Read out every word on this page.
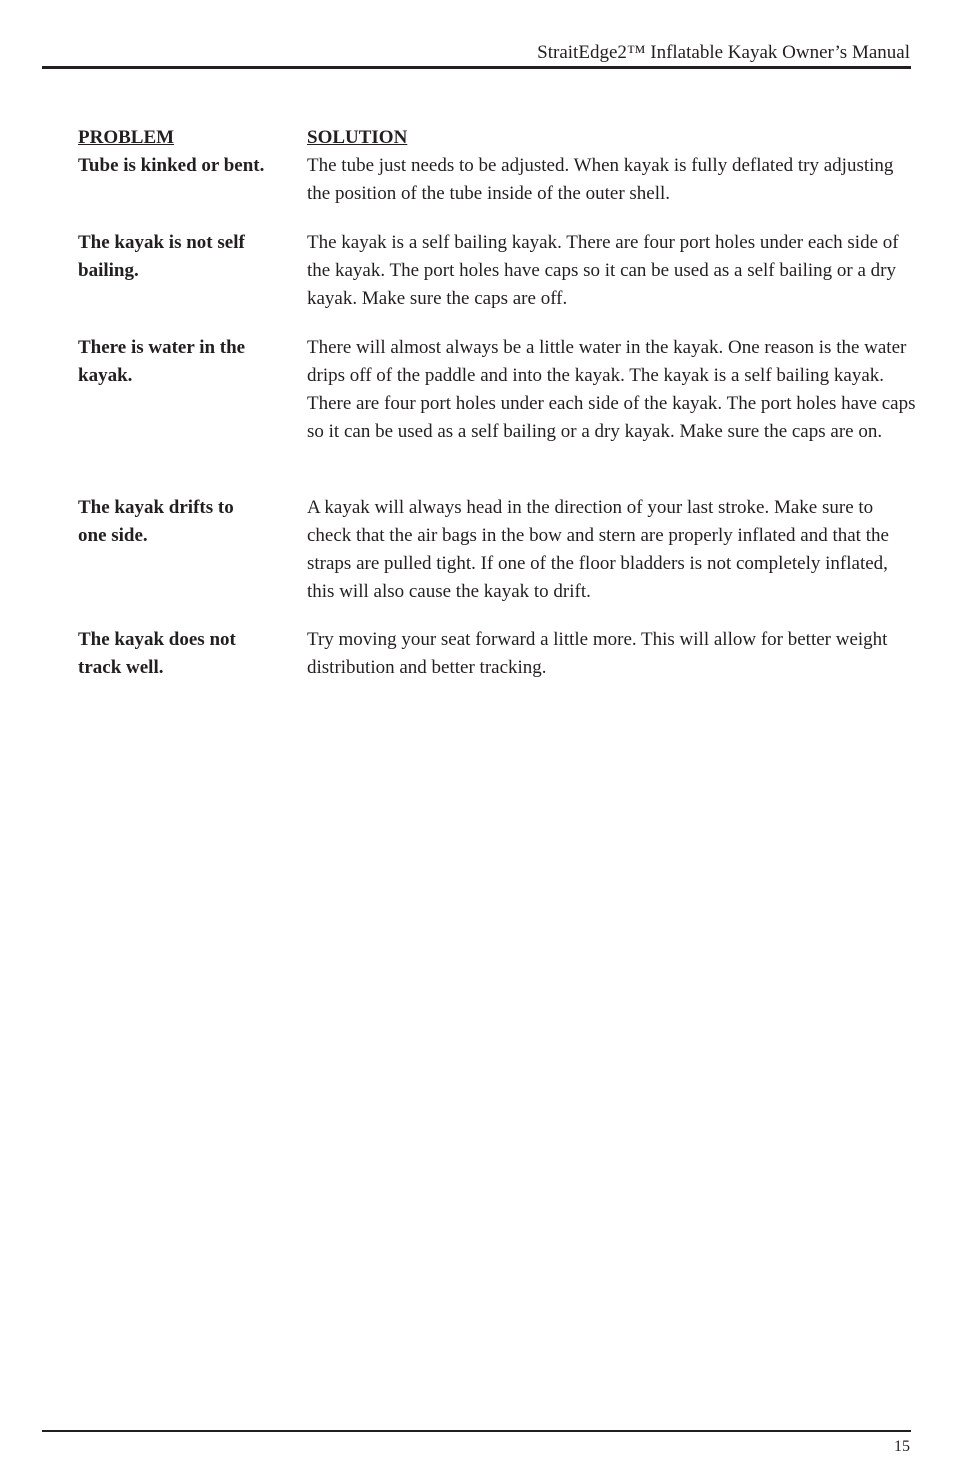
StraitEdge2™ Inflatable Kayak Owner’s Manual
PROBLEM	SOLUTION
Tube is kinked or bent.	The tube just needs to be adjusted. When kayak is fully deflated try adjusting the position of the tube inside of the outer shell.
The kayak is not self bailing.
The kayak is a self bailing kayak. There are four port holes under each side of the kayak. The port holes have caps so it can be used as a self bailing or a dry kayak. Make sure the caps are off.
There is water in the kayak.
There will almost always be a little water in the kayak. One reason is the water drips off of the paddle and into the kayak. The kayak is a self bailing kayak. There are four port holes under each side of the kayak. The port holes have caps so it can be used as a self bailing or a dry kayak. Make sure the caps are on.
The kayak drifts to one side.
A kayak will always head in the direction of your last stroke. Make sure to check that the air bags in the bow and stern are properly inflated and that the straps are pulled tight. If one of the floor bladders is not completely inflated, this will also cause the kayak to drift.
The kayak does not track well.
Try moving your seat forward a little more. This will allow for better weight distribution and better tracking.
15
